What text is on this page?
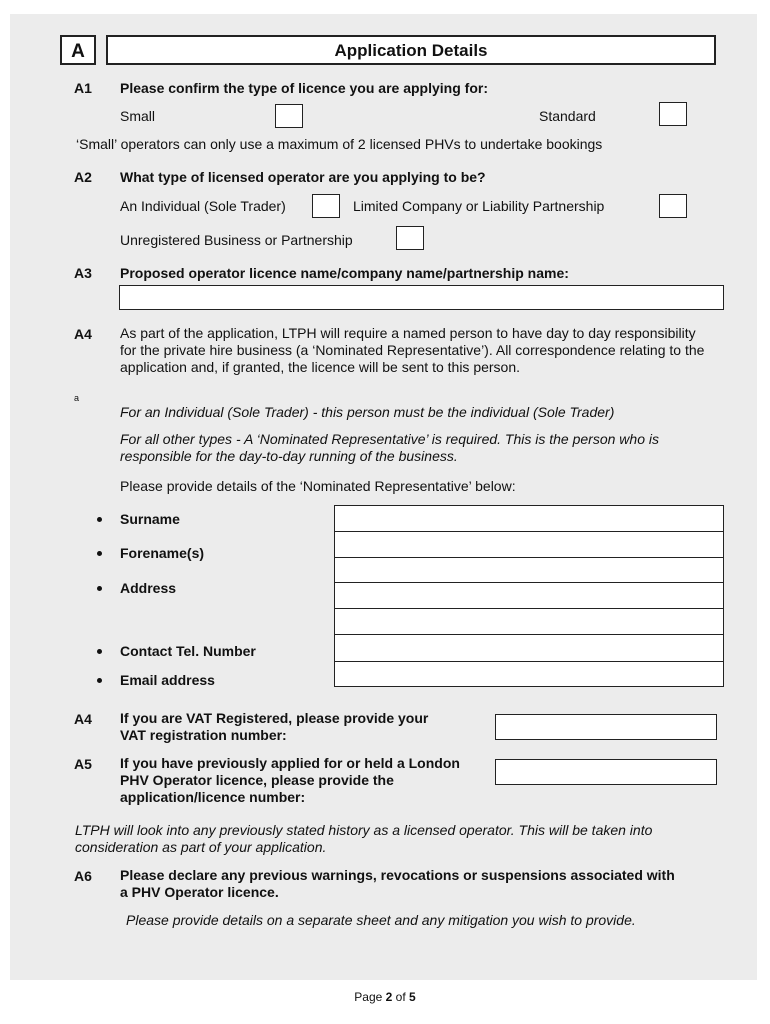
A	Application Details
A1 Please confirm the type of licence you are applying for:
Small	Standard
‘Small’ operators can only use a maximum of 2 licensed PHVs to undertake bookings
A2 What type of licensed operator are you applying to be?
An Individual (Sole Trader)	Limited Company or Liability Partnership
Unregistered Business or Partnership
A3 Proposed operator licence name/company name/partnership name:
A4 As part of the application, LTPH will require a named person to have day to day responsibility for the private hire business (a ‘Nominated Representative’). All correspondence relating to the application and, if granted, the licence will be sent to this person.
a
For an Individual (Sole Trader) - this person must be the individual (Sole Trader)
For all other types - A ‘Nominated Representative’ is required. This is the person who is responsible for the day-to-day running of the business.
Please provide details of the ‘Nominated Representative’ below:
Surname
Forename(s)
Address
Contact Tel. Number
Email address
A4 If you are VAT Registered, please provide your VAT registration number:
A5 If you have previously applied for or held a London PHV Operator licence, please provide the application/licence number:
LTPH will look into any previously stated history as a licensed operator. This will be taken into consideration as part of your application.
A6 Please declare any previous warnings, revocations or suspensions associated with a PHV Operator licence.
Please provide details on a separate sheet and any mitigation you wish to provide.
Page 2 of 5
